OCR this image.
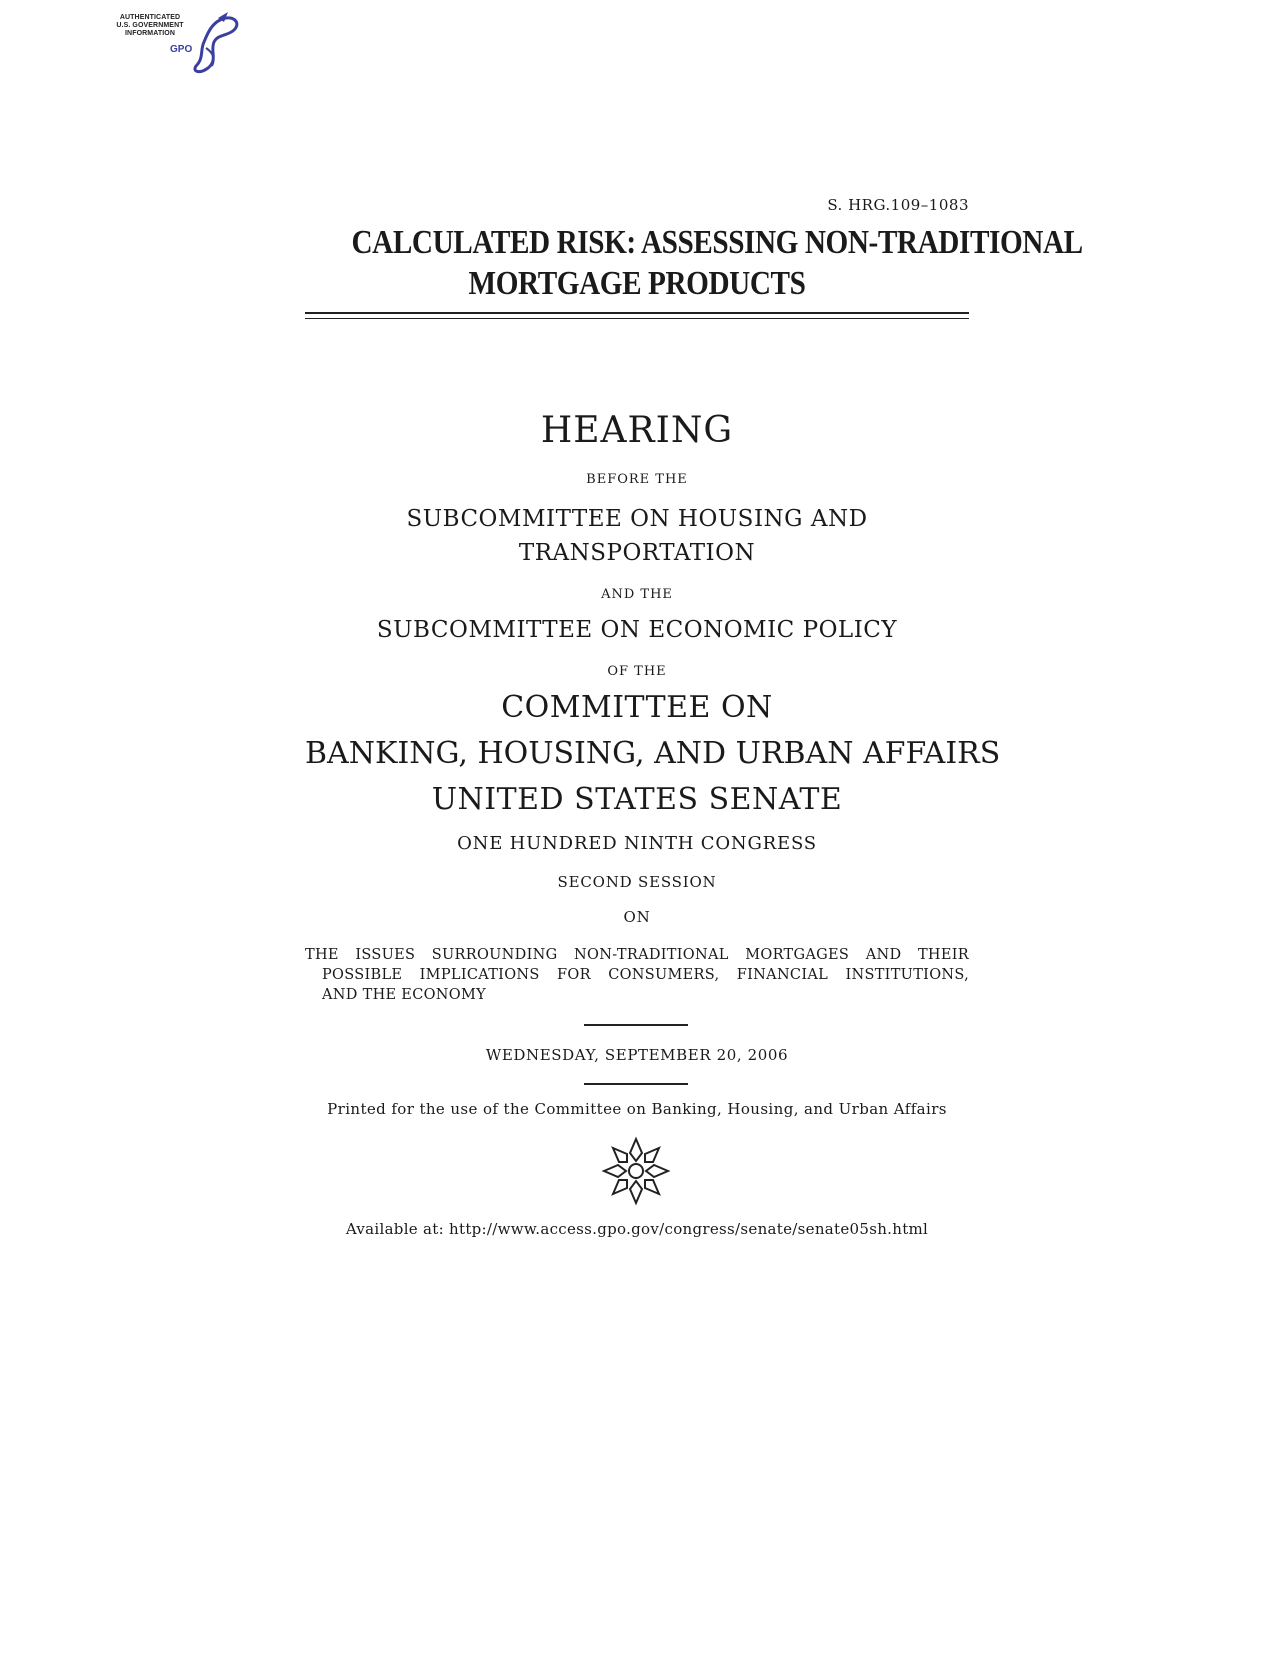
AUTHENTICATED
U.S. GOVERNMENT
INFORMATION
GPO
S. HRG.109–1083
CALCULATED RISK: ASSESSING NON-TRADITIONAL
MORTGAGE PRODUCTS
HEARING
BEFORE THE
SUBCOMMITTEE ON HOUSING AND
TRANSPORTATION
AND THE
SUBCOMMITTEE ON ECONOMIC POLICY
OF THE
COMMITTEE ON
BANKING, HOUSING, AND URBAN AFFAIRS
UNITED STATES SENATE
ONE HUNDRED NINTH CONGRESS
SECOND SESSION
ON
THE ISSUES SURROUNDING NON-TRADITIONAL MORTGAGES AND THEIR
POSSIBLE IMPLICATIONS FOR CONSUMERS, FINANCIAL INSTITUTIONS,
AND THE ECONOMY
WEDNESDAY, SEPTEMBER 20, 2006
Printed for the use of the Committee on Banking, Housing, and Urban Affairs
Available at: http://www.access.gpo.gov/congress/senate/senate05sh.html
